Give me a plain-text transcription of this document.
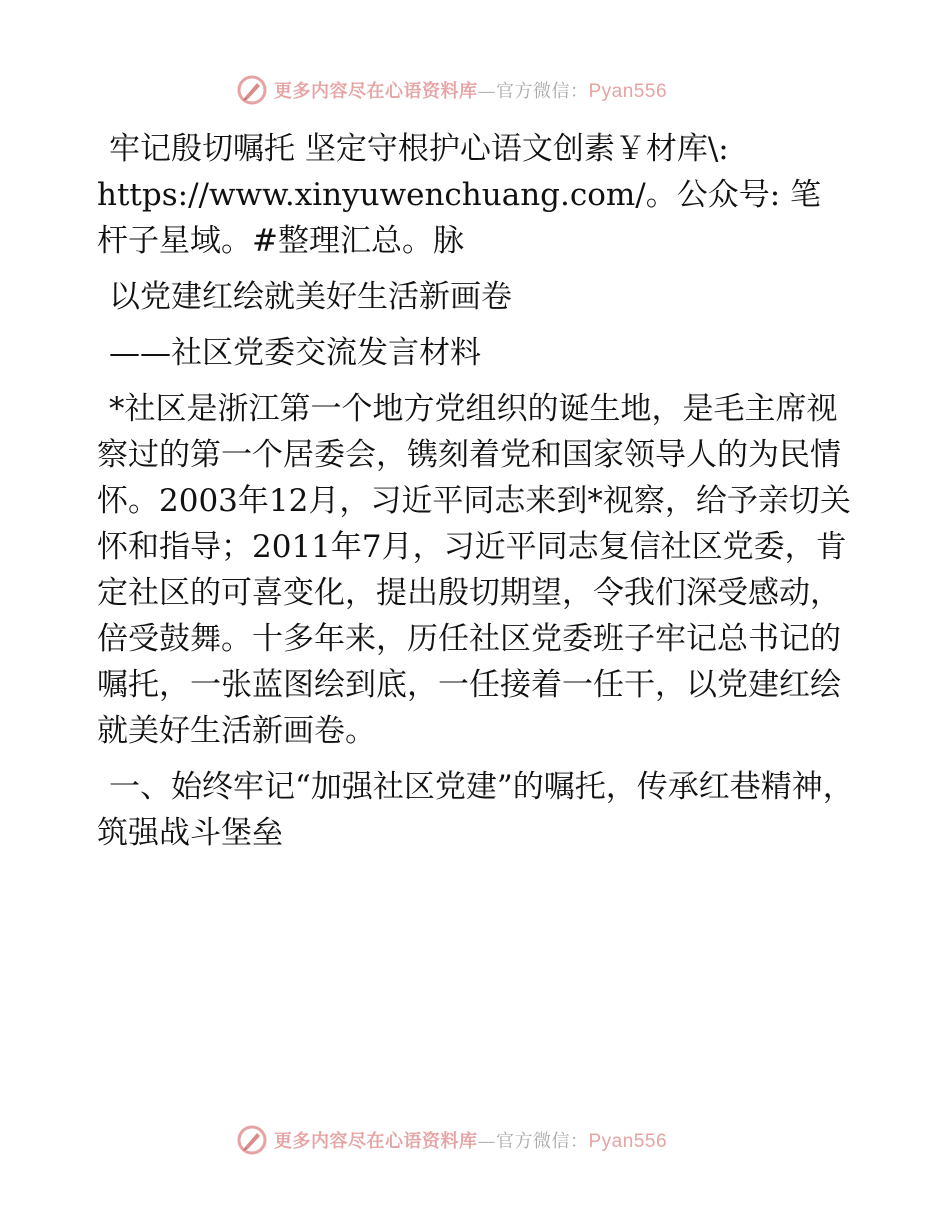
更多内容尽在心语资料库—官方微信：Pyan556

牢记殷切嘱托 坚定守根护心语文创素￥材库\:

https://www.xinyuwenchuang.com/。公众号: 笔

杆子星域。#整理汇总。脉

以党建红绘就美好生活新画卷

——社区党委交流发言材料

*社区是浙江第一个地方党组织的诞生地，是毛主席视察过的第一个居委会，镌刻着党和国家领导人的为民情怀。2003年12月，习近平同志来到*视察，给予亲切关怀和指导；2011年7月，习近平同志复信社区党委，肯定社区的可喜变化，提出殷切期望，令我们深受感动，倍受鼓舞。十多年来，历任社区党委班子牢记总书记的嘱托，一张蓝图绘到底，一任接着一任干，以党建红绘就美好生活新画卷。

一、始终牢记“加强社区党建”的嘱托，传承红巷精神，筑强战斗堡垒

更多内容尽在心语资料库—官方微信：Pyan556
